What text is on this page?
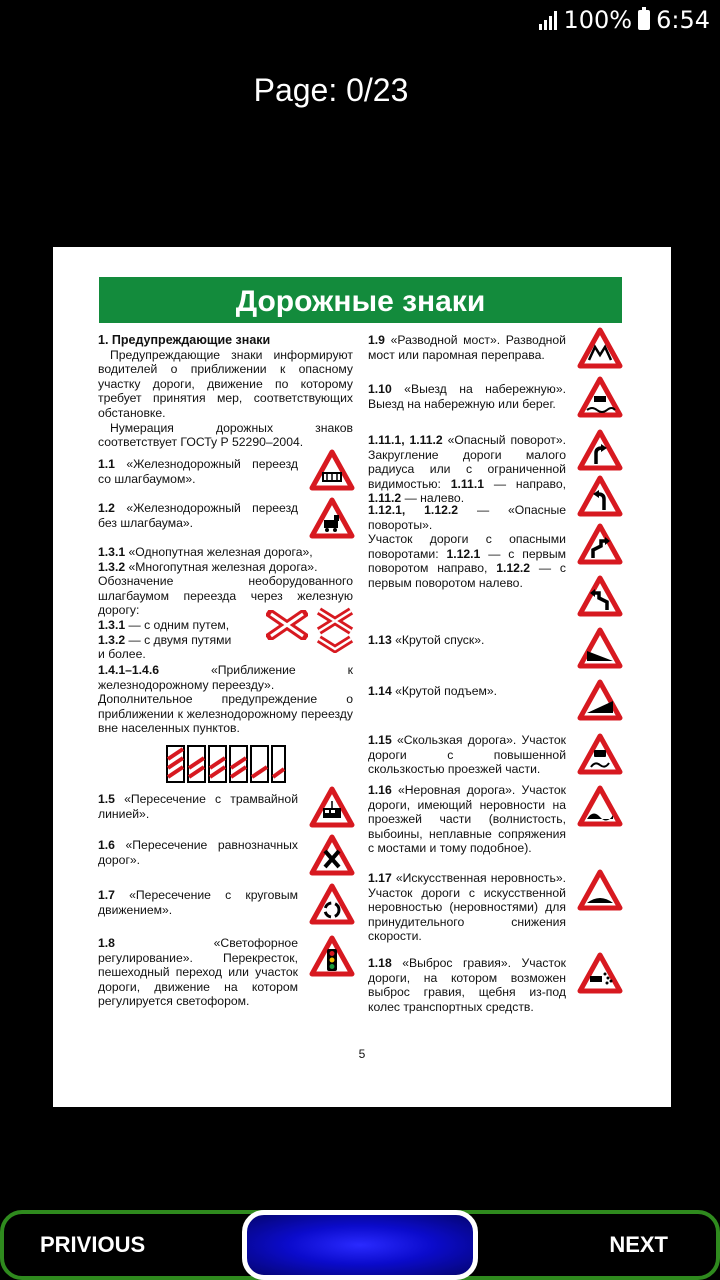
100% 6:54
Page: 0/23
Дорожные знаки
1. Предупреждающие знаки

Предупреждающие знаки информируют водителей о приближении к опасному участку дороги, движение по которому требует принятия мер, соответствующих обстановке.

Нумерация дорожных знаков соответствует ГОСТу Р 52290–2004.

1.1 «Железнодорожный переезд со шлагбаумом».

1.2 «Железнодорожный переезд без шлагбаума».

1.3.1 «Однопутная железная дорога»,
1.3.2 «Многопутная железная дорога».

Обозначение необорудованного шлагбаумом переезда через железную дорогу:

1.3.1 — с одним путем,

1.3.2 — с двумя путями

и более.

1.4.1–1.4.6	«Приближение к железнодорожному переезду».

Дополнительное предупреждение о приближении к железнодорожному переезду вне населенных пунктов.

1.5 «Пересечение с трамвайной линией».

1.6 «Пересечение равнозначных дорог».

1.7 «Пересечение с круговым движением».

1.8	«Светофорное регулирование». Перекресток, пешеходный переход или участок дороги, движение на котором регулируется светофором.

1.9 «Разводной мост». Разводной мост или паромная переправа.

1.10 «Выезд на набережную». Выезд на набережную или берег.

1.11.1, 1.11.2 «Опасный поворот». Закругление дороги малого радиуса или с ограниченной видимостью: 1.11.1 — направо, 1.11.2 — налево.

1.12.1, 1.12.2 — «Опасные повороты».

Участок дороги с опасными поворотами: 1.12.1 — с первым поворотом направо, 1.12.2 — с первым поворотом налево.

1.13 «Крутой спуск».

1.14 «Крутой подъем».

1.15 «Скользкая дорога». Участок дороги с повышенной скользкостью проезжей части.

1.16 «Неровная дорога». Участок дороги, имеющий неровности на проезжей части (волнистость, выбоины, неплавные сопряжения с мостами и тому подобное).

1.17 «Искусственная неровность». Участок дороги с искусственной неровностью (неровностями) для принудительного снижения скорости.

1.18 «Выброс гравия». Участок дороги, на котором возможен выброс гравия, щебня из-под колес транспортных средств.

5
PRIVIOUS	NEXT
